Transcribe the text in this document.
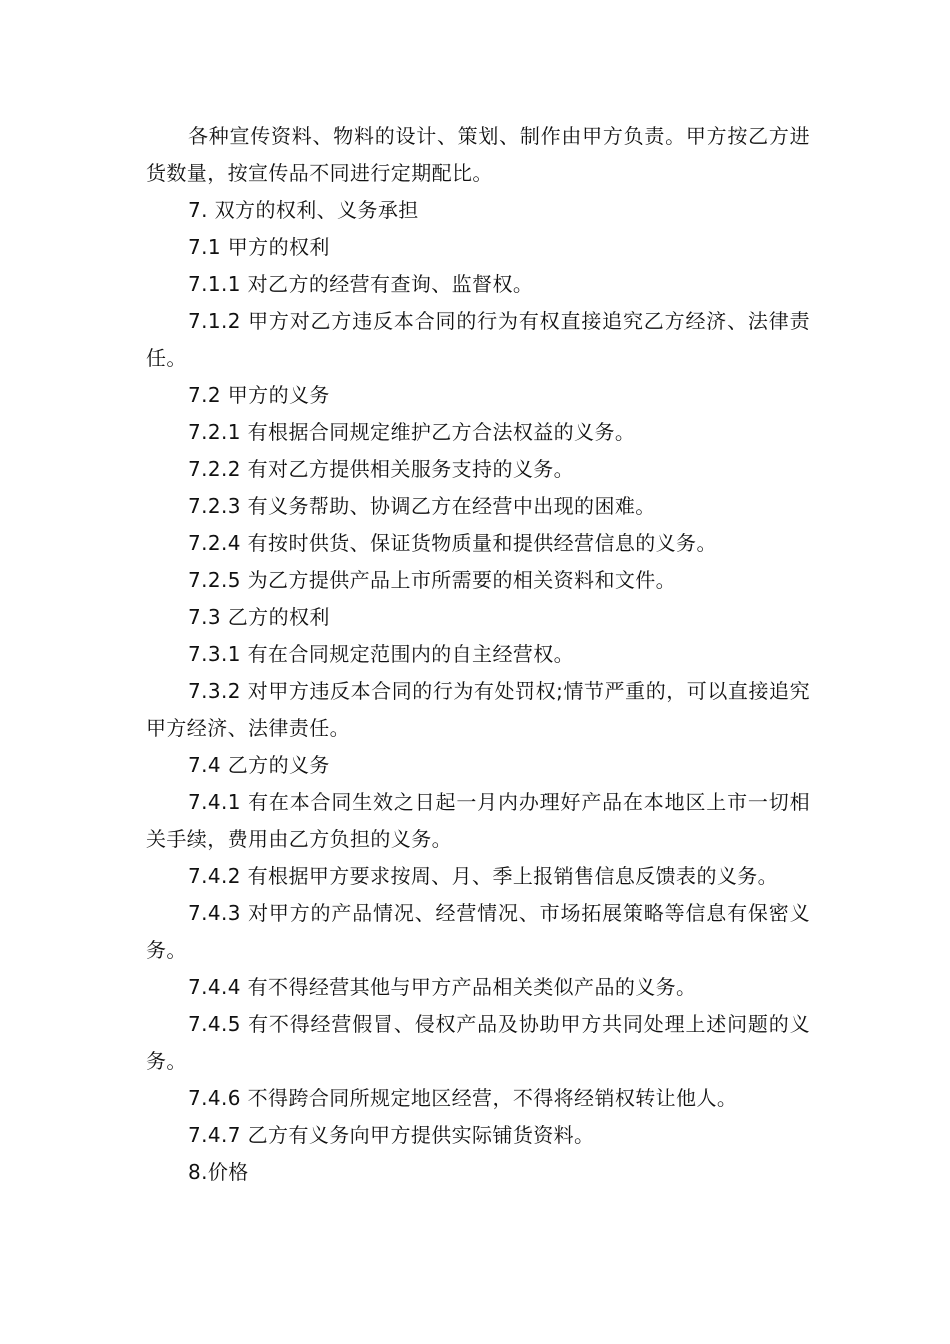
各种宣传资料、物料的设计、策划、制作由甲方负责。甲方按乙方进货数量，按宣传品不同进行定期配比。

7. 双方的权利、义务承担

7.1 甲方的权利

7.1.1 对乙方的经营有查询、监督权。

7.1.2 甲方对乙方违反本合同的行为有权直接追究乙方经济、法律责任。

7.2 甲方的义务

7.2.1 有根据合同规定维护乙方合法权益的义务。

7.2.2 有对乙方提供相关服务支持的义务。

7.2.3 有义务帮助、协调乙方在经营中出现的困难。

7.2.4 有按时供货、保证货物质量和提供经营信息的义务。

7.2.5 为乙方提供产品上市所需要的相关资料和文件。

7.3 乙方的权利

7.3.1 有在合同规定范围内的自主经营权。

7.3.2 对甲方违反本合同的行为有处罚权;情节严重的，可以直接追究甲方经济、法律责任。

7.4 乙方的义务

7.4.1 有在本合同生效之日起一月内办理好产品在本地区上市一切相关手续，费用由乙方负担的义务。

7.4.2 有根据甲方要求按周、月、季上报销售信息反馈表的义务。

7.4.3 对甲方的产品情况、经营情况、市场拓展策略等信息有保密义务。

7.4.4 有不得经营其他与甲方产品相关类似产品的义务。

7.4.5 有不得经营假冒、侵权产品及协助甲方共同处理上述问题的义务。

7.4.6 不得跨合同所规定地区经营，不得将经销权转让他人。

7.4.7 乙方有义务向甲方提供实际铺货资料。

8.价格
